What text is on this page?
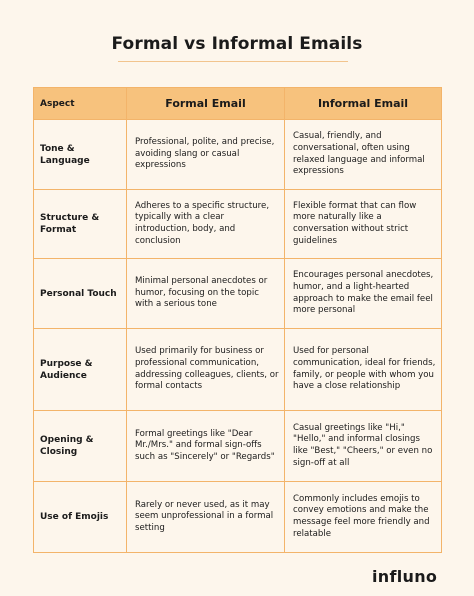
Formal vs Informal Emails
Aspect	Formal Email	Informal Email
Tone & Language	Professional, polite, and precise, avoiding slang or casual expressions	Casual, friendly, and conversational, often using relaxed language and informal expressions
Structure & Format	Adheres to a specific structure, typically with a clear introduction, body, and conclusion	Flexible format that can flow more naturally like a conversation without strict guidelines
Personal Touch	Minimal personal anecdotes or humor, focusing on the topic with a serious tone	Encourages personal anecdotes, humor, and a light-hearted approach to make the email feel more personal
Purpose & Audience	Used primarily for business or professional communication, addressing colleagues, clients, or formal contacts	Used for personal communication, ideal for friends, family, or people with whom you have a close relationship
Opening & Closing	Formal greetings like "Dear Mr./Mrs." and formal sign-offs such as "Sincerely" or "Regards"	Casual greetings like "Hi," "Hello," and informal closings like "Best," "Cheers," or even no sign-off at all
Use of Emojis	Rarely or never used, as it may seem unprofessional in a formal setting	Commonly includes emojis to convey emotions and make the message feel more friendly and relatable
influno
